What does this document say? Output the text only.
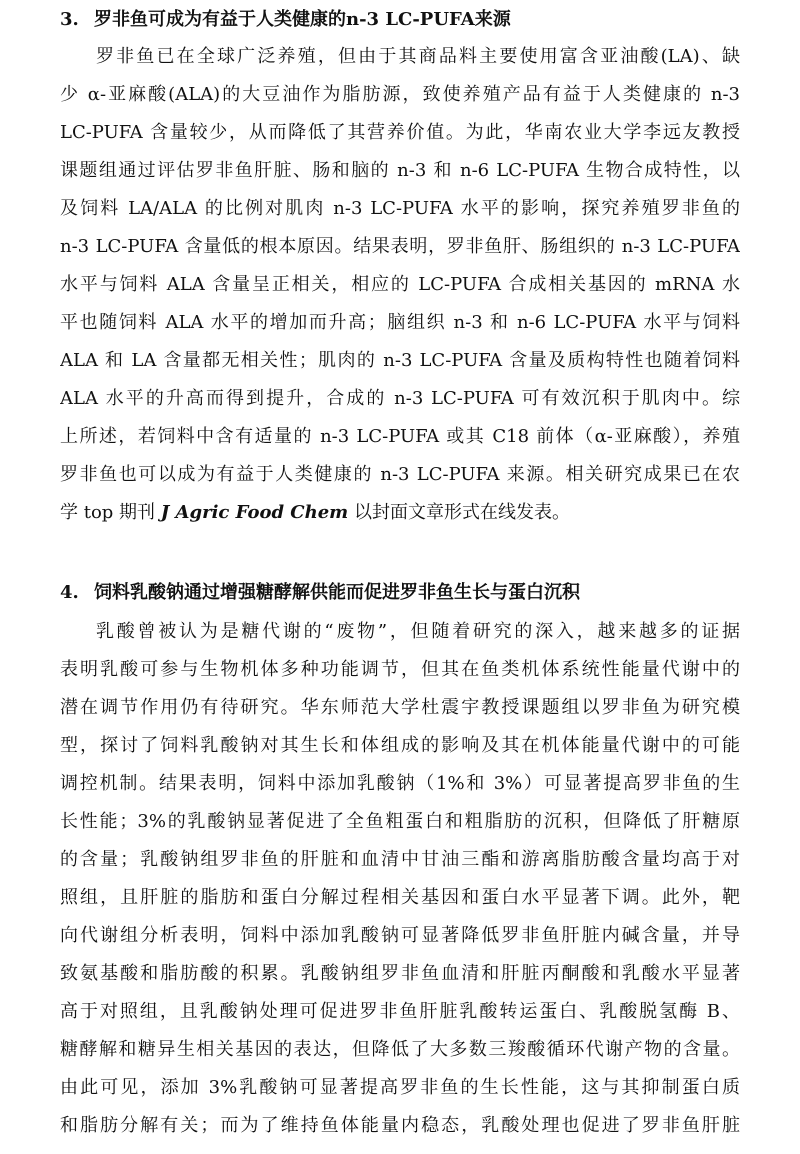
3. 罗非鱼可成为有益于人类健康的n-3 LC-PUFA来源
罗非鱼已在全球广泛养殖，但由于其商品料主要使用富含亚油酸(LA)、缺
少 α-亚麻酸(ALA)的大豆油作为脂肪源，致使养殖产品有益于人类健康的 n-3
LC-PUFA 含量较少，从而降低了其营养价值。为此，华南农业大学李远友教授
课题组通过评估罗非鱼肝脏、肠和脑的 n-3 和 n-6 LC-PUFA 生物合成特性，以
及饲料 LA/ALA 的比例对肌肉 n-3 LC-PUFA 水平的影响，探究养殖罗非鱼的
n-3 LC-PUFA 含量低的根本原因。结果表明，罗非鱼肝、肠组织的 n-3 LC-PUFA
水平与饲料 ALA 含量呈正相关，相应的 LC-PUFA 合成相关基因的 mRNA 水
平也随饲料 ALA 水平的增加而升高；脑组织 n-3 和 n-6 LC-PUFA 水平与饲料
ALA 和 LA 含量都无相关性；肌肉的 n-3 LC-PUFA 含量及质构特性也随着饲料
ALA 水平的升高而得到提升，合成的 n-3 LC-PUFA 可有效沉积于肌肉中。综
上所述，若饲料中含有适量的 n-3 LC-PUFA 或其 C18 前体（α-亚麻酸），养殖
罗非鱼也可以成为有益于人类健康的 n-3 LC-PUFA 来源。相关研究成果已在农
学 top 期刊 J Agric Food Chem 以封面文章形式在线发表。
4. 饲料乳酸钠通过增强糖酵解供能而促进罗非鱼生长与蛋白沉积
乳酸曾被认为是糖代谢的“废物”，但随着研究的深入，越来越多的证据
表明乳酸可参与生物机体多种功能调节，但其在鱼类机体系统性能量代谢中的
潜在调节作用仍有待研究。华东师范大学杜震宇教授课题组以罗非鱼为研究模
型，探讨了饲料乳酸钠对其生长和体组成的影响及其在机体能量代谢中的可能
调控机制。结果表明，饲料中添加乳酸钠（1%和 3%）可显著提高罗非鱼的生
长性能；3%的乳酸钠显著促进了全鱼粗蛋白和粗脂肪的沉积，但降低了肝糖原
的含量；乳酸钠组罗非鱼的肝脏和血清中甘油三酯和游离脂肪酸含量均高于对
照组，且肝脏的脂肪和蛋白分解过程相关基因和蛋白水平显著下调。此外，靶
向代谢组分析表明，饲料中添加乳酸钠可显著降低罗非鱼肝脏内碱含量，并导
致氨基酸和脂肪酸的积累。乳酸钠组罗非鱼血清和肝脏丙酮酸和乳酸水平显著
高于对照组，且乳酸钠处理可促进罗非鱼肝脏乳酸转运蛋白、乳酸脱氢酶 B、
糖酵解和糖异生相关基因的表达，但降低了大多数三羧酸循环代谢产物的含量。
由此可见，添加 3%乳酸钠可显著提高罗非鱼的生长性能，这与其抑制蛋白质
和脂肪分解有关；而为了维持鱼体能量内稳态，乳酸处理也促进了罗非鱼肝脏
